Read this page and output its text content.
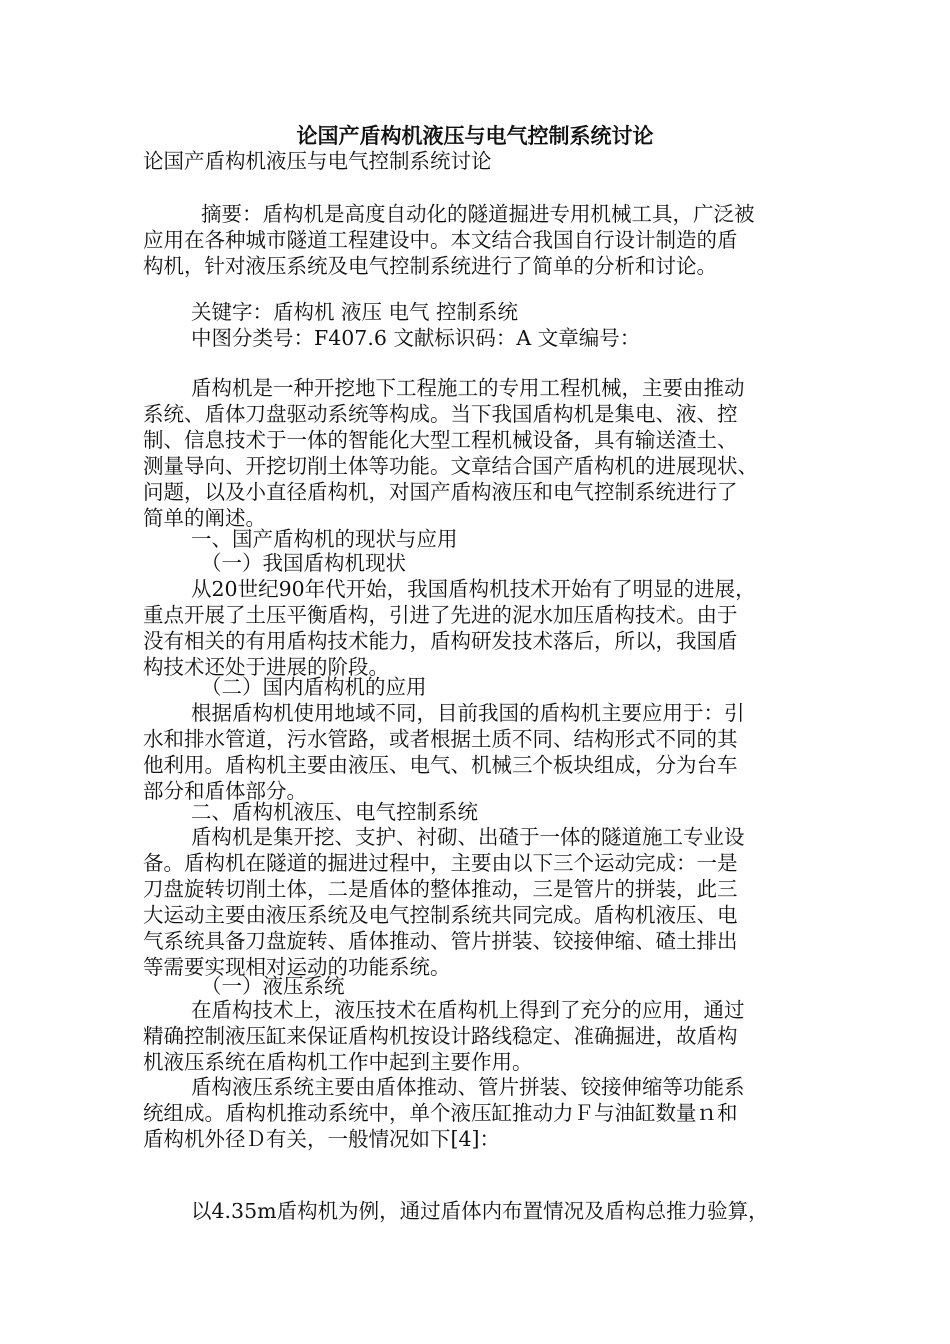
论国产盾构机液压与电气控制系统讨论
论国产盾构机液压与电气控制系统讨论
摘要：盾构机是高度自动化的隧道掘进专用机械工具，广泛被
应用在各种城市隧道工程建设中。本文结合我国自行设计制造的盾
构机，针对液压系统及电气控制系统进行了简单的分析和讨论。
关键字：盾构机 液压 电气 控制系统
中图分类号：F407.6 文献标识码：A 文章编号：
盾构机是一种开挖地下工程施工的专用工程机械，主要由推动
系统、盾体刀盘驱动系统等构成。当下我国盾构机是集电、液、控
制、信息技术于一体的智能化大型工程机械设备，具有输送渣土、
测量导向、开挖切削土体等功能。文章结合国产盾构机的进展现状、
问题，以及小直径盾构机，对国产盾构液压和电气控制系统进行了
简单的阐述。
一、国产盾构机的现状与应用
（一）我国盾构机现状
从20世纪90年代开始，我国盾构机技术开始有了明显的进展，
重点开展了土压平衡盾构，引进了先进的泥水加压盾构技术。由于
没有相关的有用盾构技术能力，盾构研发技术落后，所以，我国盾
构技术还处于进展的阶段。
（二）国内盾构机的应用
根据盾构机使用地域不同，目前我国的盾构机主要应用于：引
水和排水管道，污水管路，或者根据土质不同、结构形式不同的其
他利用。盾构机主要由液压、电气、机械三个板块组成，分为台车
部分和盾体部分。
二、盾构机液压、电气控制系统
盾构机是集开挖、支护、衬砌、出碴于一体的隧道施工专业设
备。盾构机在隧道的掘进过程中，主要由以下三个运动完成：一是
刀盘旋转切削土体，二是盾体的整体推动，三是管片的拼装，此三
大运动主要由液压系统及电气控制系统共同完成。盾构机液压、电
气系统具备刀盘旋转、盾体推动、管片拼装、铰接伸缩、碴土排出
等需要实现相对运动的功能系统。
（一）液压系统
在盾构技术上，液压技术在盾构机上得到了充分的应用，通过
精确控制液压缸来保证盾构机按设计路线稳定、准确掘进，故盾构
机液压系统在盾构机工作中起到主要作用。
盾构液压系统主要由盾体推动、管片拼装、铰接伸缩等功能系
统组成。盾构机推动系统中，单个液压缸推动力Ｆ与油缸数量ｎ和
盾构机外径Ｄ有关，一般情况如下[4]：
以4.35m盾构机为例，通过盾体内布置情况及盾构总推力验算，
